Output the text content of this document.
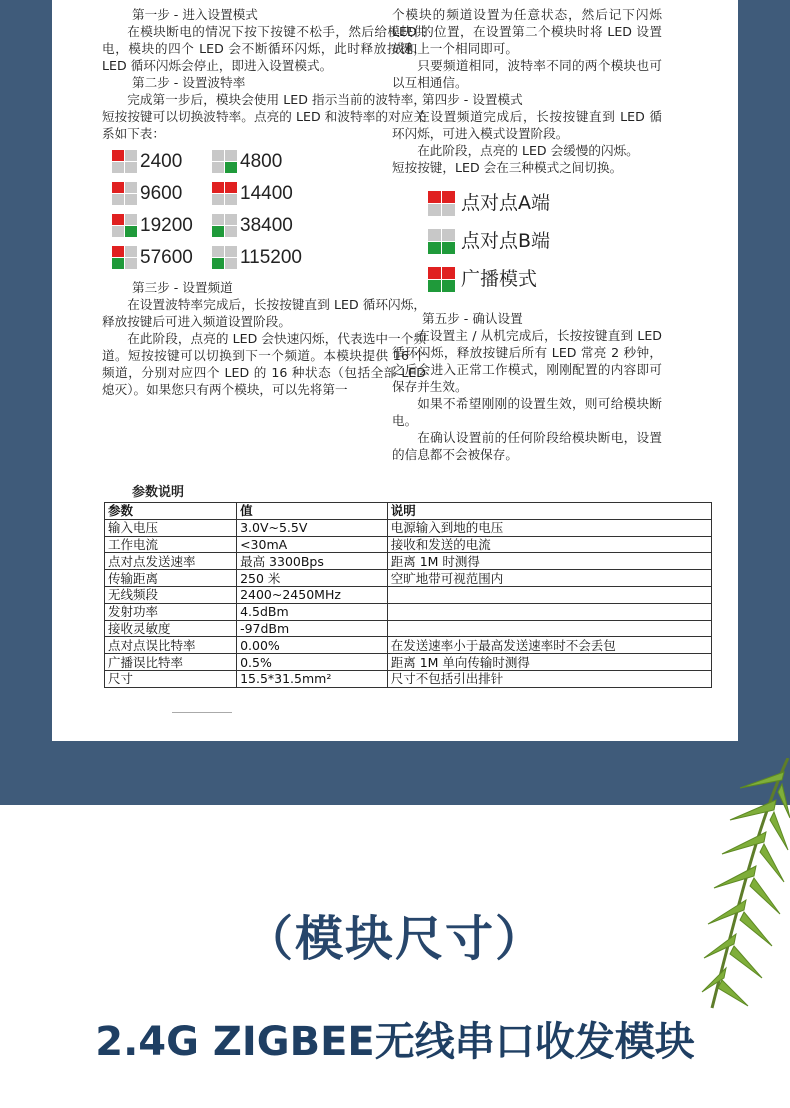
第一步 - 进入设置模式

在模块断电的情况下按下按键不松手，然后给模块供电，模块的四个 LED 会不断循环闪烁，此时释放按键，LED 循环闪烁会停止，即进入设置模式。

第二步 - 设置波特率

完成第一步后，模块会使用 LED 指示当前的波特率，短按按键可以切换波特率。点亮的 LED 和波特率的对应关系如下表：

2400	4800
9600	14400
19200 38400
57600 115200

第三步 - 设置频道

在设置波特率完成后，长按按键直到 LED 循环闪烁，释放按键后可进入频道设置阶段。

在此阶段，点亮的 LED 会快速闪烁，代表选中一个频道。短按按键可以切换到下一个频道。本模块提供 16 个频道，分别对应四个 LED 的 16 种状态（包括全部 LED 熄灭）。如果您只有两个模块，可以先将第一

个模块的频道设置为任意状态，然后记下闪烁 LED 的位置，在设置第二个模块时将 LED 设置成和上一个相同即可。

只要频道相同，波特率不同的两个模块也可以互相通信。

第四步 - 设置模式

在设置频道完成后，长按按键直到 LED 循环闪烁，可进入模式设置阶段。

在此阶段，点亮的 LED 会缓慢的闪烁。

短按按键，LED 会在三种模式之间切换。

点对点A端
点对点B端
广播模式

第五步 - 确认设置

在设置主 / 从机完成后，长按按键直到 LED 循环闪烁，释放按键后所有 LED 常亮 2 秒钟，之后会进入正常工作模式，刚刚配置的内容即可保存并生效。

如果不希望刚刚的设置生效，则可给模块断电。

在确认设置前的任何阶段给模块断电，设置的信息都不会被保存。

参数说明
参数	值	说明
输入电压	3.0V~5.5V	电源输入到地的电压
工作电流	<30mA	接收和发送的电流
点对点发送速率	最高 3300Bps	距离 1M 时测得
传输距离	250 米	空旷地带可视范围内
无线频段	2400~2450MHz	
发射功率	4.5dBm	
接收灵敏度	-97dBm	
点对点误比特率	0.00%	在发送速率小于最高发送速率时不会丢包
广播误比特率	0.5%	距离 1M 单向传输时测得
尺寸	15.5*31.5mm²	尺寸不包括引出排针
（模块尺寸）
2.4G ZIGBEE无线串口收发模块
